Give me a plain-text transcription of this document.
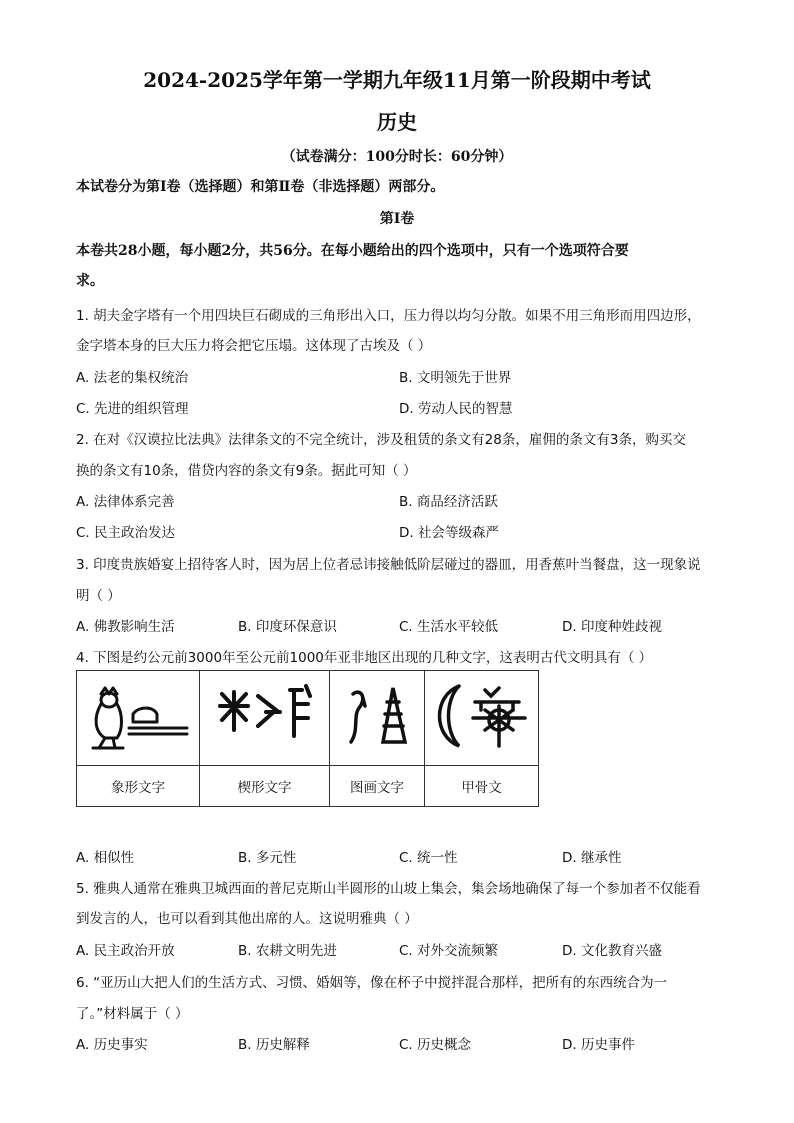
2024-2025学年第一学期九年级11月第一阶段期中考试
历史
（试卷满分：100分时长：60分钟）
本试卷分为第Ⅰ卷（选择题）和第Ⅱ卷（非选择题）两部分。
第Ⅰ卷
本卷共28小题，每小题2分，共56分。在每小题给出的四个选项中，只有一个选项符合要
求。
1. 胡夫金字塔有一个用四块巨石砌成的三角形出入口，压力得以均匀分散。如果不用三角形而用四边形，
金字塔本身的巨大压力将会把它压塌。这体现了古埃及（ ）
A. 法老的集权统治	B. 文明领先于世界
C. 先进的组织管理	D. 劳动人民的智慧
2. 在对《汉谟拉比法典》法律条文的不完全统计，涉及租赁的条文有28条，雇佣的条文有3条，购买交
换的条文有10条，借贷内容的条文有9条。据此可知（ ）
A. 法律体系完善	B. 商品经济活跃
C. 民主政治发达	D. 社会等级森严
3. 印度贵族婚宴上招待客人时，因为居上位者忌讳接触低阶层碰过的器皿，用香蕉叶当餐盘，这一现象说
明（ ）
A. 佛教影响生活	B. 印度环保意识	C. 生活水平较低	D. 印度种姓歧视
4. 下图是约公元前3000年至公元前1000年亚非地区出现的几种文字，这表明古代文明具有（ ）

象形文字	楔形文字	图画文字	甲骨文
A. 相似性	B. 多元性	C. 统一性	D. 继承性
5. 雅典人通常在雅典卫城西面的普尼克斯山半圆形的山坡上集会，集会场地确保了每一个参加者不仅能看
到发言的人，也可以看到其他出席的人。这说明雅典（ ）
A. 民主政治开放	B. 农耕文明先进	C. 对外交流频繁	D. 文化教育兴盛
6. “亚历山大把人们的生活方式、习惯、婚姻等，像在杯子中搅拌混合那样，把所有的东西统合为一
了。”材料属于（ ）
A. 历史事实	B. 历史解释	C. 历史概念	D. 历史事件
